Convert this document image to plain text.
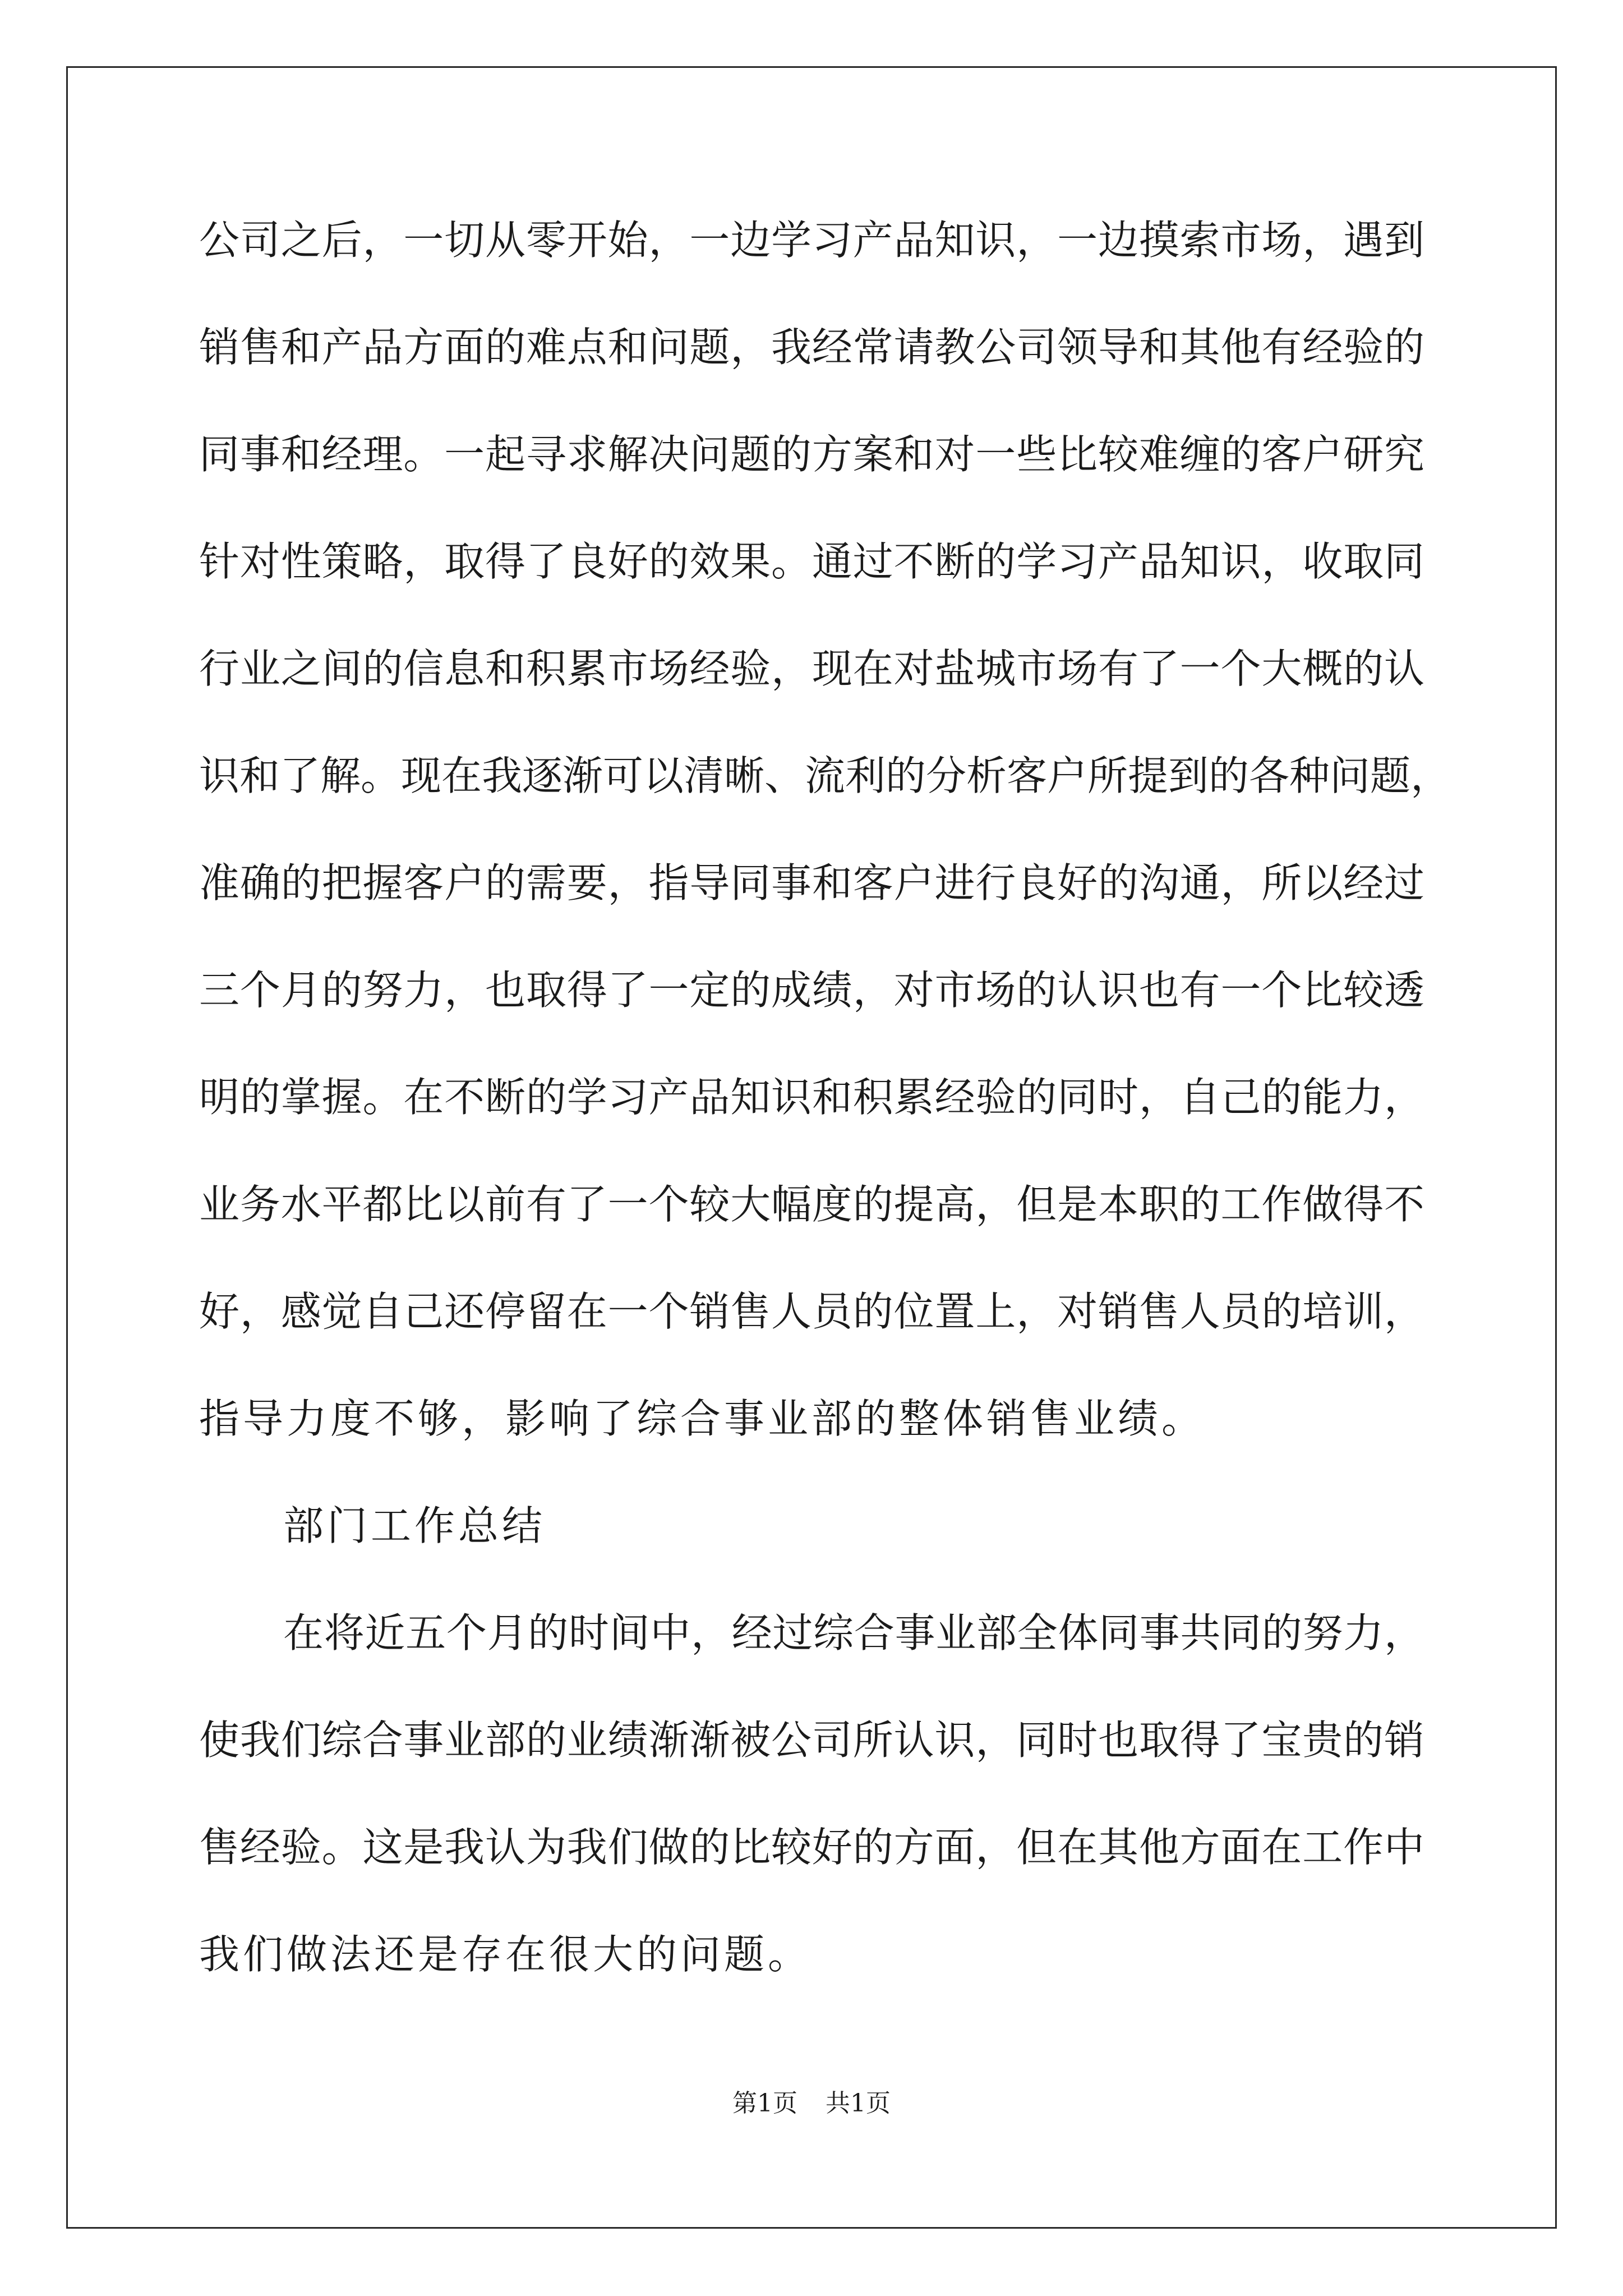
公司之后，一切从零开始，一边学习产品知识，一边摸索市场，遇到
销售和产品方面的难点和问题，我经常请教公司领导和其他有经验的
同事和经理。一起寻求解决问题的方案和对一些比较难缠的客户研究
针对性策略，取得了良好的效果。通过不断的学习产品知识，收取同
行业之间的信息和积累市场经验，现在对盐城市场有了一个大概的认
识和了解。现在我逐渐可以清晰、流利的分析客户所提到的各种问题，
准确的把握客户的需要，指导同事和客户进行良好的沟通，所以经过
三个月的努力，也取得了一定的成绩，对市场的认识也有一个比较透
明的掌握。在不断的学习产品知识和积累经验的同时，自己的能力，
业务水平都比以前有了一个较大幅度的提高，但是本职的工作做得不
好，感觉自己还停留在一个销售人员的位置上，对销售人员的培训，
指导力度不够，影响了综合事业部的整体销售业绩。
部门工作总结
在将近五个月的时间中，经过综合事业部全体同事共同的努力，
使我们综合事业部的业绩渐渐被公司所认识，同时也取得了宝贵的销
售经验。这是我认为我们做的比较好的方面，但在其他方面在工作中
我们做法还是存在很大的问题。
第1页 共1页
